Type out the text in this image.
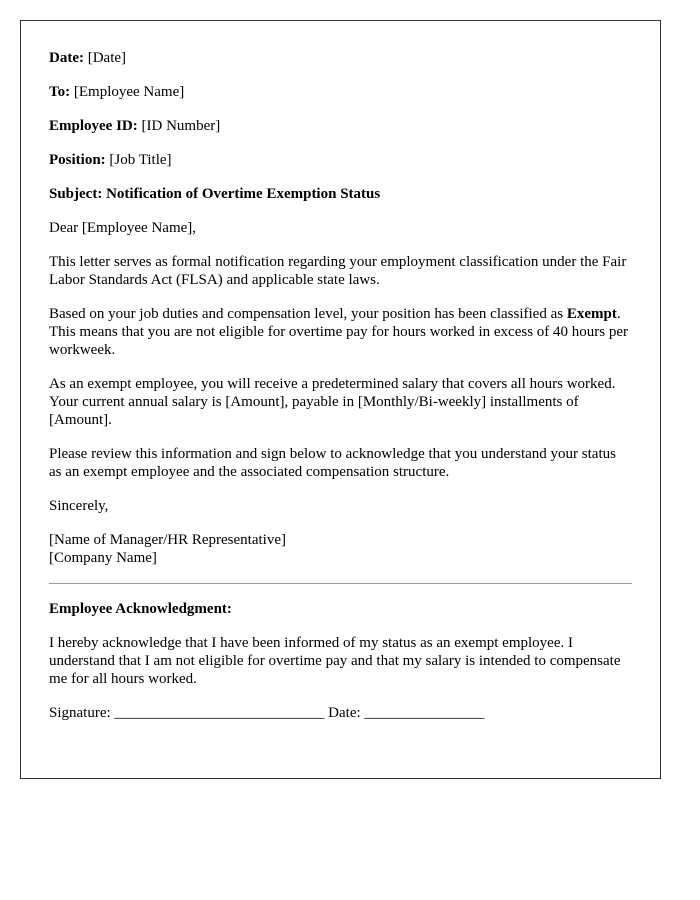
Date: [Date]

To: [Employee Name]

Employee ID: [ID Number]

Position: [Job Title]

Subject: Notification of Overtime Exemption Status

Dear [Employee Name],

This letter serves as formal notification regarding your employment classification under the Fair Labor Standards Act (FLSA) and applicable state laws.

Based on your job duties and compensation level, your position has been classified as Exempt. This means that you are not eligible for overtime pay for hours worked in excess of 40 hours per workweek.

As an exempt employee, you will receive a predetermined salary that covers all hours worked. Your current annual salary is [Amount], payable in [Monthly/Bi-weekly] installments of [Amount].

Please review this information and sign below to acknowledge that you understand your status as an exempt employee and the associated compensation structure.

Sincerely,

[Name of Manager/HR Representative]
[Company Name]

Employee Acknowledgment:

I hereby acknowledge that I have been informed of my status as an exempt employee. I understand that I am not eligible for overtime pay and that my salary is intended to compensate me for all hours worked.

Signature: ____________________________ Date: ________________
